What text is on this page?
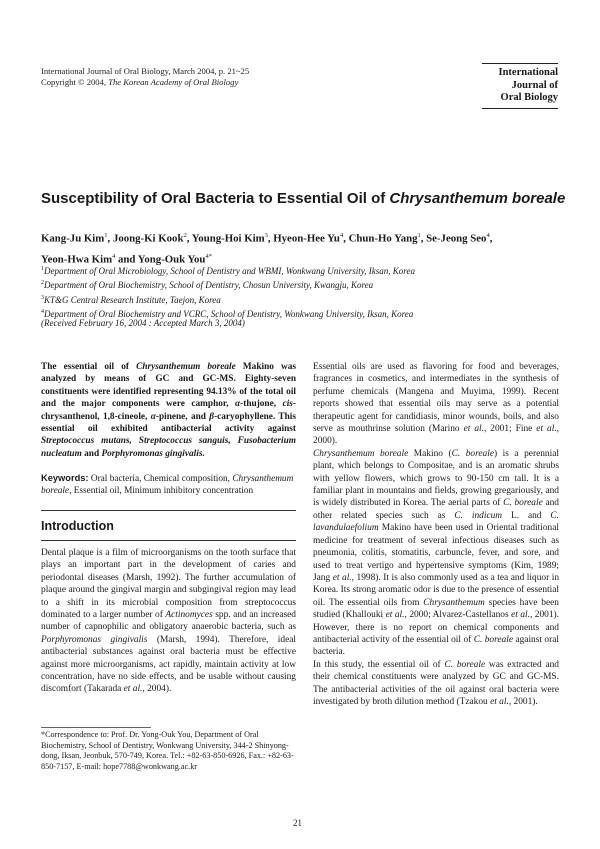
International Journal of Oral Biology, March 2004, p. 21~25
Copyright © 2004, The Korean Academy of Oral Biology
International
Journal of
Oral Biology
Susceptibility of Oral Bacteria to Essential Oil of Chrysanthemum boreale
Kang-Ju Kim$^1$, Joong-Ki Kook$^2$, Young-Hoi Kim$^3$, Hyeon-Hee Yu$^4$, Chun-Ho Yang$^1$, Se-Jeong Seo$^4$,
Yeon-Hwa Kim$^4$ and Yong-Ouk You$^{4*}$
$^1$Department of Oral Microbiology, School of Dentistry and WBMI, Wonkwang University, Iksan, Korea
$^2$Department of Oral Biochemistry, School of Dentistry, Chosun University, Kwangju, Korea
$^3$KT&G Central Research Institute, Taejon, Korea
$^4$Department of Oral Biochemistry and VCRC, School of Dentistry, Wonkwang University, Iksan, Korea
(Received February 16, 2004 : Accepted March 3, 2004)
The essential oil of Chrysanthemum boreale Makino was analyzed by means of GC and GC-MS. Eighty-seven constituents were identified representing 94.13% of the total oil and the major components were camphor, α-thujone, cis-chrysanthenol, 1,8-cineole, α-pinene, and β-caryophyllene. This essential oil exhibited antibacterial activity against Streptococcus mutans, Streptococcus sanguis, Fusobacterium nucleatum and Porphyromonas gingivalis.
Keywords: Oral bacteria, Chemical composition, Chrysanthemum boreale, Essential oil, Minimum inhibitory concentration
Introduction
Dental plaque is a film of microorganisms on the tooth surface that plays an important part in the development of caries and periodontal diseases (Marsh, 1992). The further accumulation of plaque around the gingival margin and subgingival region may lead to a shift in its microbial composition from streptococcus dominated to a larger number of Actinomyces spp. and an increased number of capnophilic and obligatory anaerobic bacteria, such as Porphyromonas gingivalis (Marsh, 1994). Therefore, ideal antibacterial substances against oral bacteria must be effective against more microorganisms, act rapidly, maintain activity at low concentration, have no side effects, and be usable without causing discomfort (Takarada et al., 2004).
*Correspondence to: Prof. Dr. Yong-Ouk You, Department of Oral Biochemistry, School of Dentistry, Wonkwang University, 344-2 Shinyong-dong, Iksan, Jeonbuk, 570-749, Korea. Tel.: +82-63-850-6926, Fax.: +82-63-850-7157, E-mail: hope7788@wonkwang.ac.kr

Essential oils are used as flavoring for food and beverages, fragrances in cosmetics, and intermediates in the synthesis of perfume chemicals (Mangena and Muyima, 1999). Recent reports showed that essential oils may serve as a potential therapeutic agent for candidiasis, minor wounds, boils, and also serve as mouthrinse solution (Marino et al., 2001; Fine et al., 2000).

Chrysanthemum boreale Makino (C. boreale) is a perennial plant, which belongs to Compositae, and is an aromatic shrubs with yellow flowers, which grows to 90-150 cm tall. It is a familiar plant in mountains and fields, growing gregariously, and is widely distributed in Korea. The aerial parts of C. boreale and other related species such as C. indicum L. and C. lavandulaefolium Makino have been used in Oriental traditional medicine for treatment of several infectious diseases such as pneumonia, colitis, stomatitis, carbuncle, fever, and sore, and used to treat vertigo and hypertensive symptoms (Kim, 1989; Jang et al., 1998). It is also commonly used as a tea and liquor in Korea. Its strong aromatic odor is due to the presence of essential oil. The essential oils from Chrysanthemum species have been studied (Khallouki et al., 2000; Alvarez-Castellanos et al., 2001). However, there is no report on chemical components and antibacterial activity of the essential oil of C. boreale against oral bacteria.

In this study, the essential oil of C. boreale was extracted and their chemical constituents were analyzed by GC and GC-MS. The antibacterial activities of the oil against oral bacteria were investigated by broth dilution method (Tzakou et al., 2001).

21
